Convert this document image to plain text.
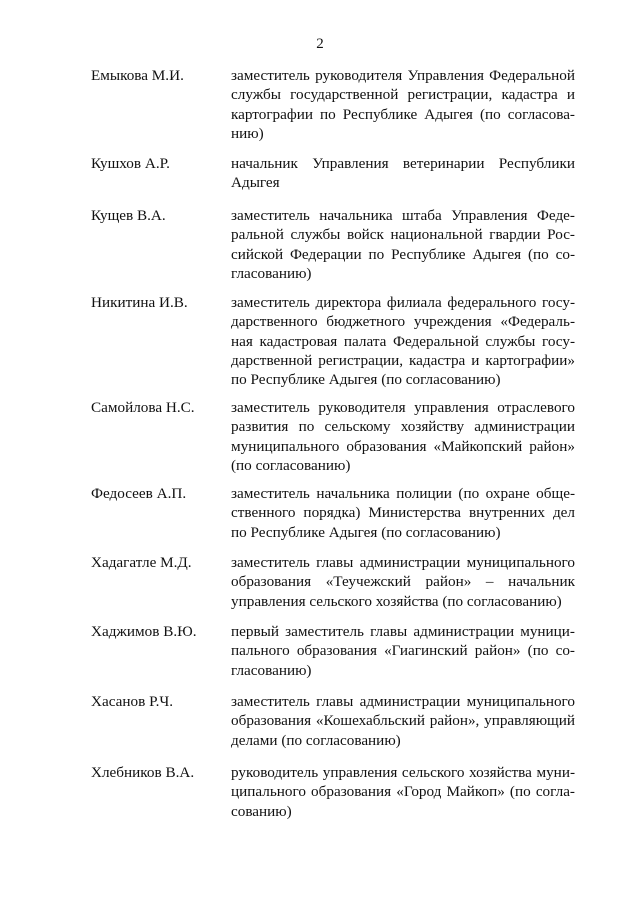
2
Емыкова М.И.	заместитель руководителя Управления Федеральной
службы государственной регистрации, кадастра и
картографии по Республике Адыгея (по согласова-
нию)
Кушхов А.Р.	начальник Управления ветеринарии Республики
Адыгея
Кущев В.А.	заместитель начальника штаба Управления Феде-
ральной службы войск национальной гвардии Рос-
сийской Федерации по Республике Адыгея (по со-
гласованию)
Никитина И.В.	заместитель директора филиала федерального госу-
дарственного бюджетного учреждения «Федераль-
ная кадастровая палата Федеральной службы госу-
дарственной регистрации, кадастра и картографии»
по Республике Адыгея (по согласованию)
Самойлова Н.С.	заместитель руководителя управления отраслевого
развития по сельскому хозяйству администрации
муниципального образования «Майкопский район»
(по согласованию)
Федосеев А.П.	заместитель начальника полиции (по охране обще-
ственного порядка) Министерства внутренних дел
по Республике Адыгея (по согласованию)
Хадагатле М.Д.	заместитель главы администрации муниципального
образования «Теучежский район» – начальник
управления сельского хозяйства (по согласованию)
Хаджимов В.Ю.	первый заместитель главы администрации муници-
пального образования «Гиагинский район» (по со-
гласованию)
Хасанов Р.Ч.	заместитель главы администрации муниципального
образования «Кошехабльский район», управляющий
делами (по согласованию)
Хлебников В.А.	руководитель управления сельского хозяйства муни-
ципального образования «Город Майкоп» (по согла-
сованию)
